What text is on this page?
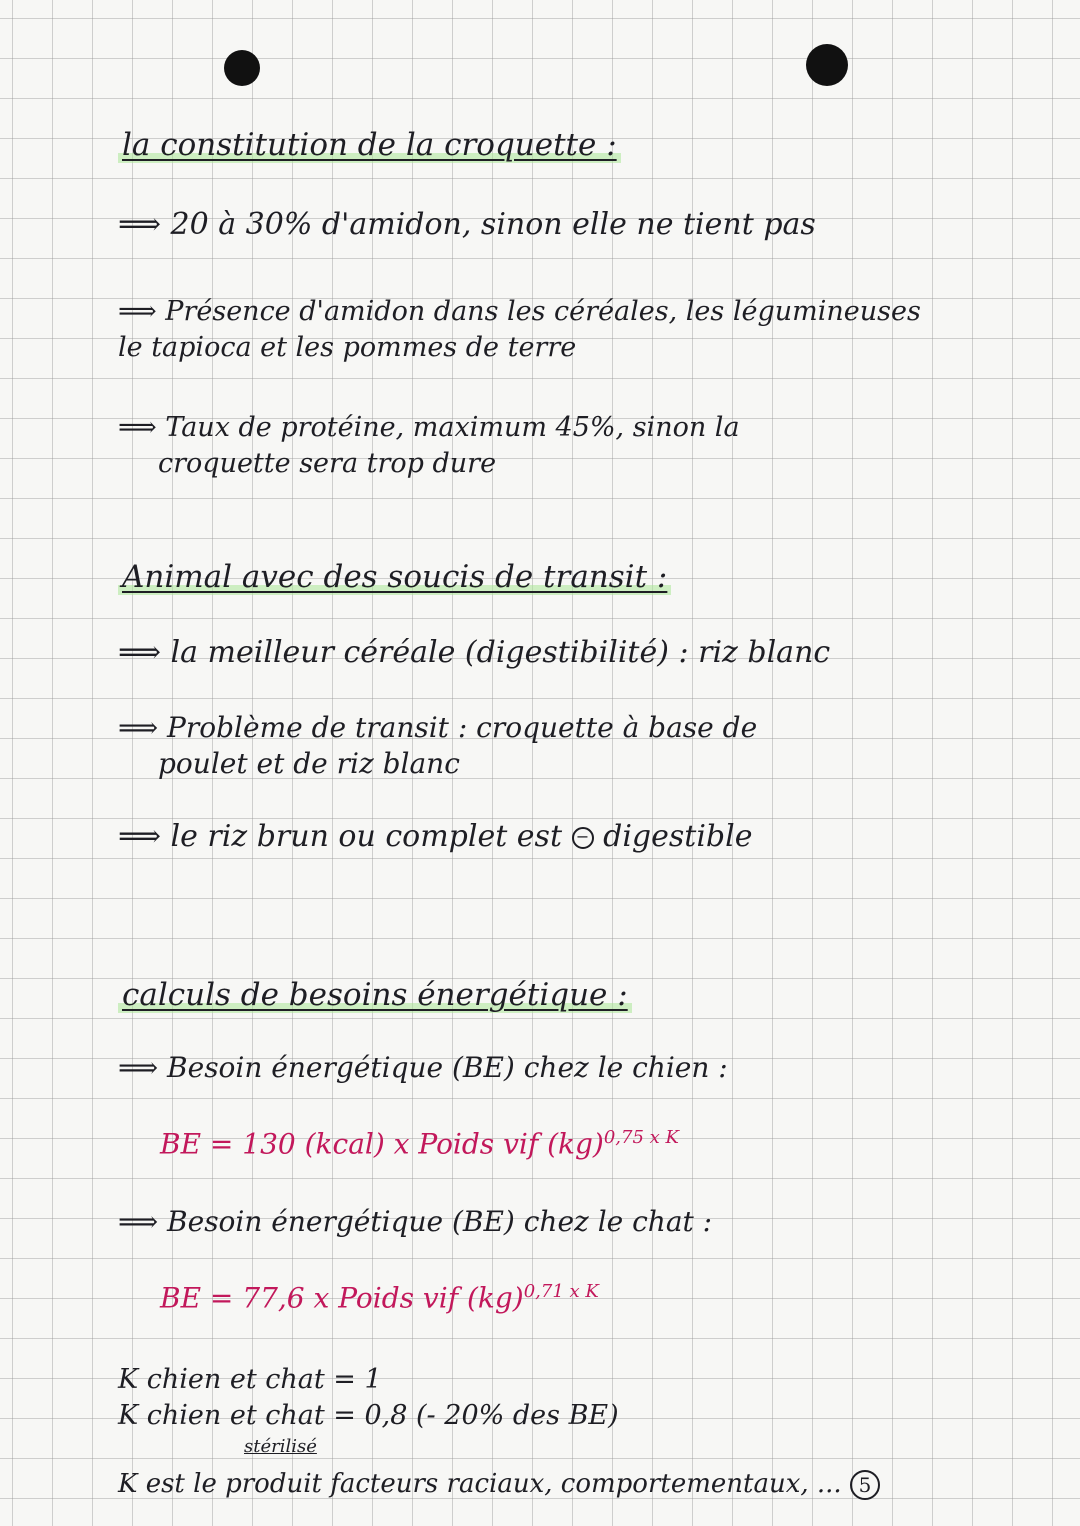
la constitution de la croquette :

⟹ 20 à 30% d'amidon, sinon elle ne tient pas

⟹ Présence d'amidon dans les céréales, les légumineuses

le tapioca et les pommes de terre

⟹ Taux de protéine, maximum 45%, sinon la

croquette sera trop dure

Animal avec des soucis de transit :

⟹ la meilleur céréale (digestibilité) : riz blanc

⟹ Problème de transit : croquette à base de

poulet et de riz blanc

⟹ le riz brun ou complet est − digestible

calculs de besoins énergétique :

⟹ Besoin énergétique (BE) chez le chien :

BE = 130 (kcal) x Poids vif (kg)$^{0,75 x K}$

⟹ Besoin énergétique (BE) chez le chat :

BE = 77,6 x Poids vif (kg)$^{0,71 x K}$

K chien et chat = 1

K chien et chat = 0,8 (- 20% des BE)

stérilisé

K est le produit facteurs raciaux, comportementaux, ... 5
